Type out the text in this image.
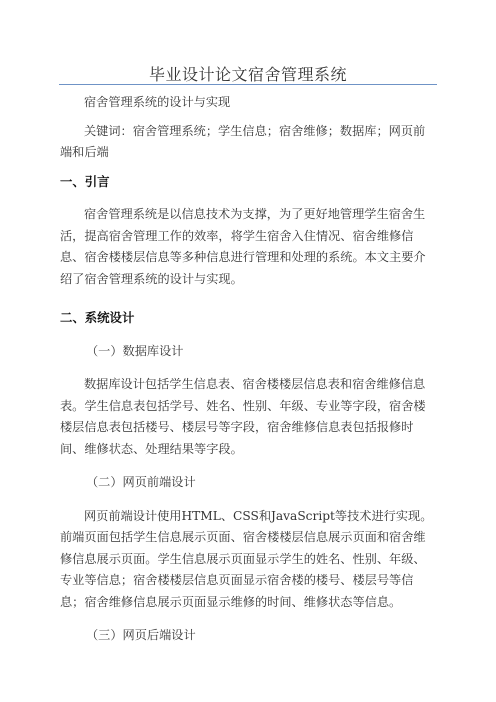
毕业设计论文宿舍管理系统

宿舍管理系统的设计与实现

关键词：宿舍管理系统；学生信息；宿舍维修；数据库；网页前端和后端

一、引言

宿舍管理系统是以信息技术为支撑，为了更好地管理学生宿舍生活，提高宿舍管理工作的效率，将学生宿舍入住情况、宿舍维修信息、宿舍楼楼层信息等多种信息进行管理和处理的系统。本文主要介绍了宿舍管理系统的设计与实现。

二、系统设计

（一）数据库设计

数据库设计包括学生信息表、宿舍楼楼层信息表和宿舍维修信息表。学生信息表包括学号、姓名、性别、年级、专业等字段，宿舍楼楼层信息表包括楼号、楼层号等字段，宿舍维修信息表包括报修时间、维修状态、处理结果等字段。

（二）网页前端设计

网页前端设计使用HTML、CSS和JavaScript等技术进行实现。前端页面包括学生信息展示页面、宿舍楼楼层信息展示页面和宿舍维修信息展示页面。学生信息展示页面显示学生的姓名、性别、年级、专业等信息；宿舍楼楼层信息页面显示宿舍楼的楼号、楼层号等信息；宿舍维修信息展示页面显示维修的时间、维修状态等信息。

（三）网页后端设计
